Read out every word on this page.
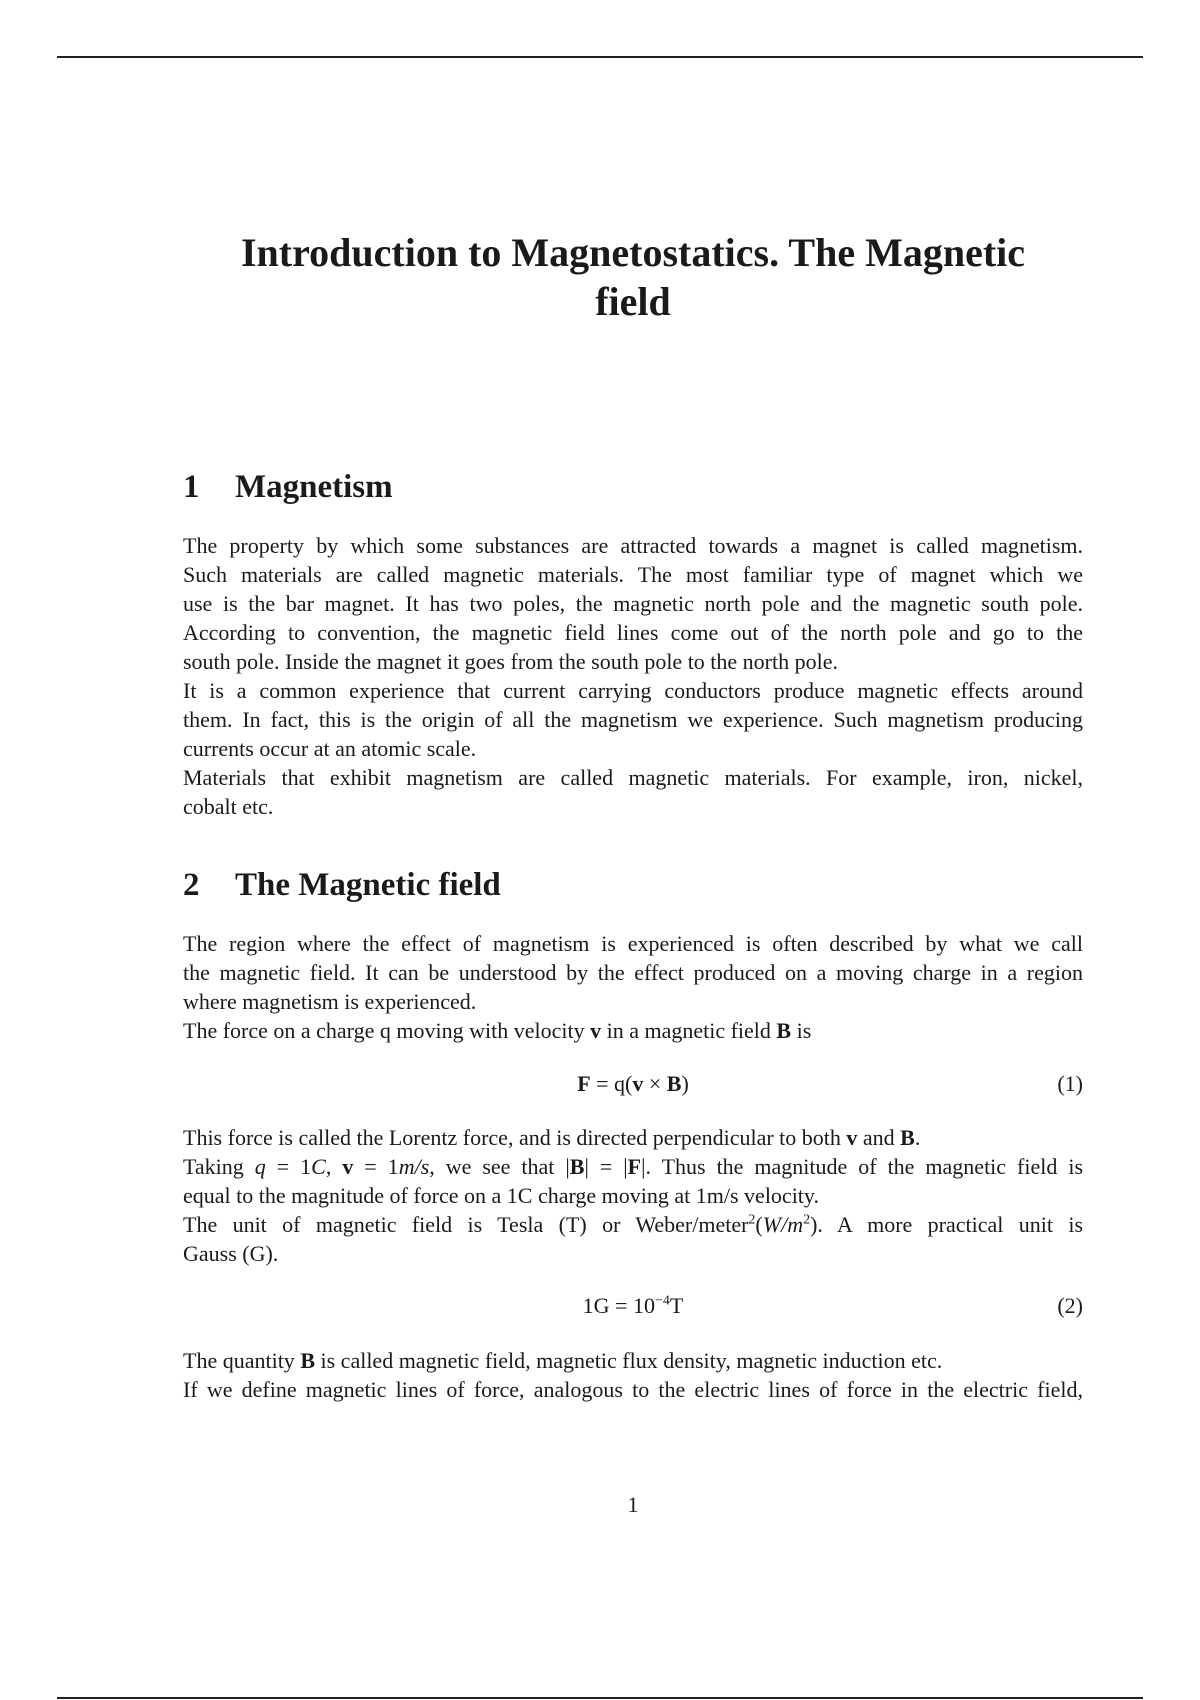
Introduction to Magnetostatics. The Magnetic
field
1 Magnetism
The property by which some substances are attracted towards a magnet is called magnetism.
Such materials are called magnetic materials. The most familiar type of magnet which we
use is the bar magnet. It has two poles, the magnetic north pole and the magnetic south pole.
According to convention, the magnetic field lines come out of the north pole and go to the
south pole. Inside the magnet it goes from the south pole to the north pole.
It is a common experience that current carrying conductors produce magnetic effects around
them. In fact, this is the origin of all the magnetism we experience. Such magnetism producing
currents occur at an atomic scale.
Materials that exhibit magnetism are called magnetic materials. For example, iron, nickel,
cobalt etc.
2 The Magnetic field
The region where the effect of magnetism is experienced is often described by what we call
the magnetic field. It can be understood by the effect produced on a moving charge in a region
where magnetism is experienced.
The force on a charge q moving with velocity v in a magnetic field B is
F = q(v × B)	(1)
This force is called the Lorentz force, and is directed perpendicular to both v and B.
Taking q = 1C, v = 1m/s, we see that |B| = |F|. Thus the magnitude of the magnetic field is
equal to the magnitude of force on a 1C charge moving at 1m/s velocity.
The unit of magnetic field is Tesla (T) or Weber/$meter^2(W/m^2)$. A more practical unit is
Gauss (G).
$1G = 10^{-4}T$	(2)
The quantity B is called magnetic field, magnetic flux density, magnetic induction etc.
If we define magnetic lines of force, analogous to the electric lines of force in the electric field,
1
